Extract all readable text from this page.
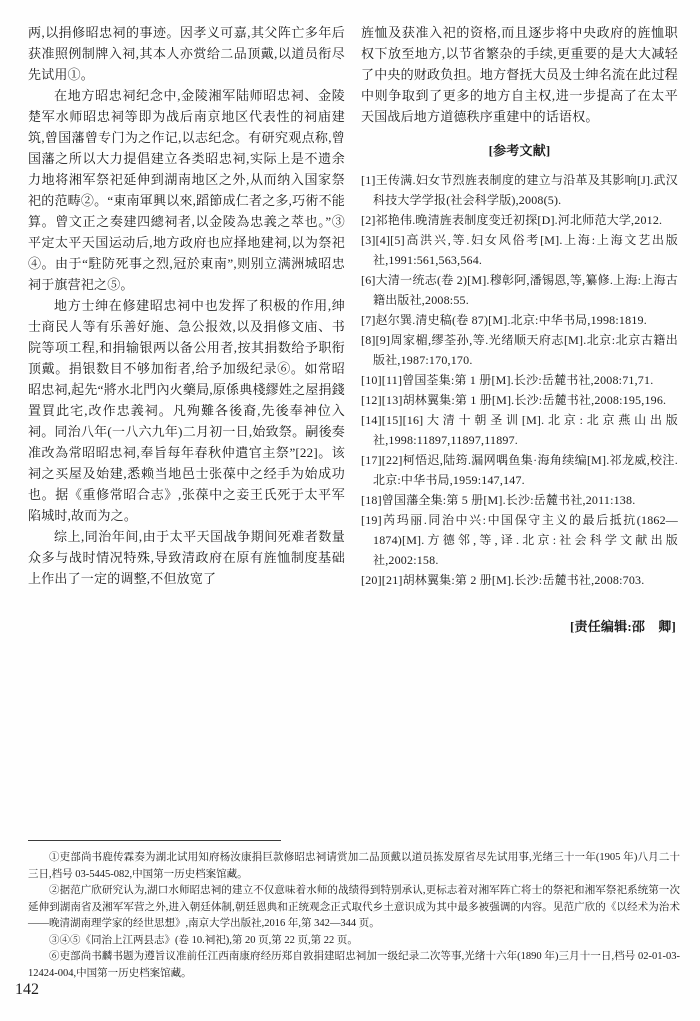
两,以捐修昭忠祠的事迹。因孝义可嘉,其父阵亡多年后获准照例制牌入祠,其本人亦赏给二品顶戴,以道员衔尽先试用①。

在地方昭忠祠纪念中,金陵湘军陆师昭忠祠、金陵楚军水师昭忠祠等即为战后南京地区代表性的祠庙建筑,曾国藩曾专门为之作记,以志纪念。有研究观点称,曾国藩之所以大力提倡建立各类昭忠祠,实际上是不遗余力地将湘军祭祀延伸到湖南地区之外,从而纳入国家祭祀的范畴②。“東南軍興以來,蹈節成仁者之多,巧術不能算。曾文正之奏建四總祠者,以金陵為忠義之萃也。”③平定太平天国运动后,地方政府也应择地建祠,以为祭祀④。由于“駐防死事之烈,冠於東南”,则别立满洲城昭忠祠于旗营祀之⑤。

地方士绅在修建昭忠祠中也发挥了积极的作用,绅士商民人等有乐善好施、急公报效,以及捐修文庙、书院等项工程,和捐输银两以备公用者,按其捐数给予职衔顶戴。捐银数目不够加衔者,给予加级纪录⑥。如常昭昭忠祠,起先“將水北門內火藥局,原係典棧繆姓之屋捐錢置買此宅,改作忠義祠。凡殉難各後裔,先後奉神位入祠。同治八年(一八六九年)二月初一日,始致祭。嗣後奏准改為常昭昭忠祠,奉旨每年春秋仲遣官主祭”[22]。该祠之买屋及始建,悉赖当地邑士张葆中之经手为始成功也。据《重修常昭合志》,张葆中之妾王氏死于太平军陷城时,故而为之。

综上,同治年间,由于太平天国战争期间死难者数量众多与战时情况特殊,导致清政府在原有旌恤制度基础上作出了一定的调整,不但放宽了

旌恤及获准入祀的资格,而且逐步将中央政府的旌恤职权下放至地方,以节省繁杂的手续,更重要的是大大减轻了中央的财政负担。地方督抚大员及士绅名流在此过程中则争取到了更多的地方自主权,进一步提高了在太平天国战后地方道德秩序重建中的话语权。

[参考文献]
[1]王传满.妇女节烈旌表制度的建立与沿革及其影响[J].武汉科技大学学报(社会科学版),2008(5).
[2]祁艳伟.晚清旌表制度变迁初探[D].河北师范大学,2012.
[3][4][5]高洪兴,等.妇女风俗考[M].上海:上海文艺出版社,1991:561,563,564.
[6]大清一统志(卷 2)[M].穆彰阿,潘锡恩,等,纂修.上海:上海古籍出版社,2008:55.
[7]赵尔巽.清史稿(卷 87)[M].北京:中华书局,1998:1819.
[8][9]周家楣,缪荃孙,等.光绪顺天府志[M].北京:北京古籍出版社,1987:170,170.
[10][11]曾国荃集:第 1 册[M].长沙:岳麓书社,2008:71,71.
[12][13]胡林翼集:第 1 册[M].长沙:岳麓书社,2008:195,196.
[14][15][16]大清十朝圣训[M].北京:北京燕山出版社,1998:11897,11897,11897.
[17][22]柯悟迟,陆筠.漏网喁鱼集·海角续编[M].祁龙威,校注.北京:中华书局,1959:147,147.
[18]曾国藩全集:第 5 册[M].长沙:岳麓书社,2011:138.
[19]芮玛丽.同治中兴:中国保守主义的最后抵抗(1862—1874)[M].方德邻,等,译.北京:社会科学文献出版社,2002:158.
[20][21]胡林翼集:第 2 册[M].长沙:岳麓书社,2008:703.
[责任编辑:邵　卿]
①吏部尚书鹿传霖奏为湖北试用知府杨汝康捐巨款修昭忠祠请赏加二品顶戴以道员拣发原省尽先试用事,光绪三十一年(1905 年)八月二十三日,档号 03-5445-082,中国第一历史档案馆藏。
②据范广欣研究认为,湖口水师昭忠祠的建立不仅意味着水师的战绩得到特别承认,更标志着对湘军阵亡将士的祭祀和湘军祭祀系统第一次延伸到湖南省及湘军军营之外,进入朝廷体制,朝廷恩典和正统观念正式取代乡土意识成为其中最多被强调的内容。见范广欣的《以经术为治术——晚清湖南理学家的经世思想》,南京大学出版社,2016 年,第 342—344 页。
③④⑤《同治上江两县志》(卷 10.祠祀),第 20 页,第 22 页,第 22 页。
⑥吏部尚书麟书题为遵旨议准前任江西南康府经历郑自敦捐建昭忠祠加一级纪录二次等事,光绪十六年(1890 年)三月十一日,档号 02-01-03-12424-004,中国第一历史档案馆藏。
142
